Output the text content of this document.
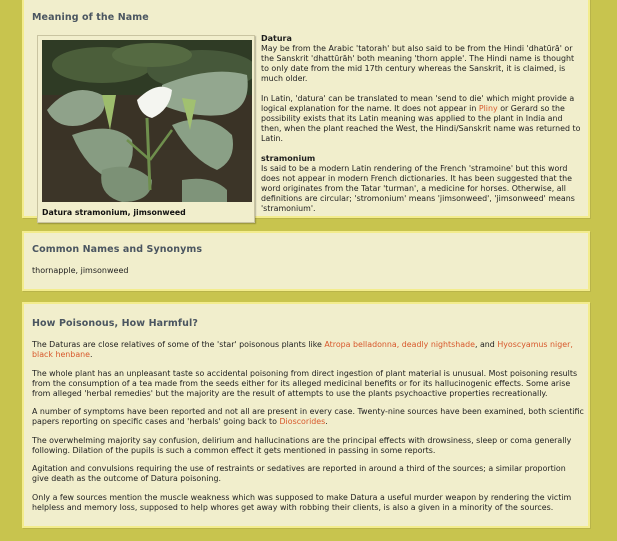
Meaning of the Name
Datura stramonium, jimsonweed
Datura

May be from the Arabic 'tatorah' but also said to be from the Hindi 'dhatūrā' or the Sanskrit 'dhattūrāh' both meaning 'thorn apple'. The Hindi name is thought to only date from the mid 17th century whereas the Sanskrit, it is claimed, is much older.

In Latin, 'datura' can be translated to mean 'send to die' which might provide a logical explanation for the name. It does not appear in Pliny or Gerard so the possibility exists that its Latin meaning was applied to the plant in India and then, when the plant reached the West, the Hindi/Sanskrit name was returned to Latin.

stramonium

Is said to be a modern Latin rendering of the French 'stramoine' but this word does not appear in modern French dictionaries. It has been suggested that the word originates from the Tatar 'turman', a medicine for horses. Otherwise, all definitions are circular; 'stromonium' means 'jimsonweed', 'jimsonweed' means 'stramonium'.

Common Names and Synonyms
thornapple, jimsonweed
How Poisonous, How Harmful?

The Daturas are close relatives of some of the 'star' poisonous plants like Atropa belladonna, deadly nightshade, and Hyoscyamus niger, black henbane.

The whole plant has an unpleasant taste so accidental poisoning from direct ingestion of plant material is unusual. Most poisoning results from the consumption of a tea made from the seeds either for its alleged medicinal benefits or for its hallucinogenic effects. Some arise from alleged 'herbal remedies' but the majority are the result of attempts to use the plants psychoactive properties recreationally.

A number of symptoms have been reported and not all are present in every case. Twenty-nine sources have been examined, both scientific papers reporting on specific cases and 'herbals' going back to Dioscorides.

The overwhelming majority say confusion, delirium and hallucinations are the principal effects with drowsiness, sleep or coma generally following. Dilation of the pupils is such a common effect it gets mentioned in passing in some reports.

Agitation and convulsions requiring the use of restraints or sedatives are reported in around a third of the sources; a similar proportion give death as the outcome of Datura poisoning.

Only a few sources mention the muscle weakness which was supposed to make Datura a useful murder weapon by rendering the victim helpless and memory loss, supposed to help whores get away with robbing their clients, is also a given in a minority of the sources.
